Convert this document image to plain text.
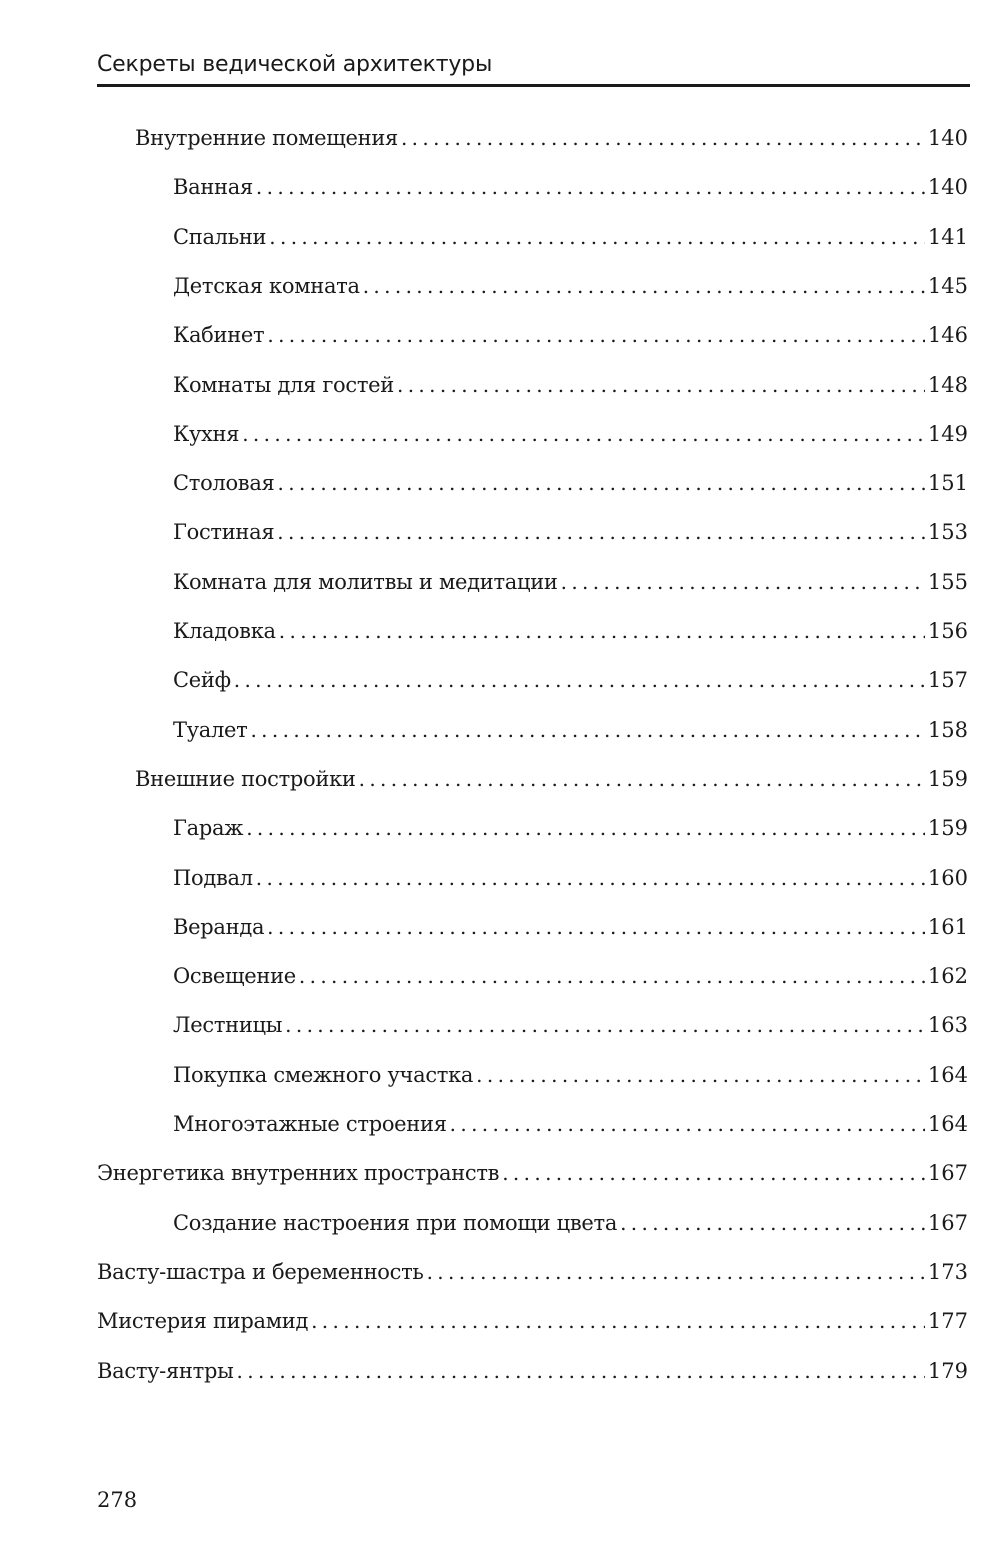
Секреты ведической архитектуры
Внутренние помещения . . .	140
Ванная . . .	140
Спальни . . .	141
Детская комната . . .	145
Кабинет . . .	146
Комнаты для гостей . . .	148
Кухня . . .	149
Столовая . . .	151
Гостиная . . .	153
Комната для молитвы и медитации . . .	155
Кладовка . . .	156
Сейф . . .	157
Туалет . . .	158
Внешние постройки . . .	159
Гараж . . .	159
Подвал . . .	160
Веранда . . .	161
Освещение . . .	162
Лестницы . . .	163
Покупка смежного участка . . .	164
Многоэтажные строения . . .	164
Энергетика внутренних пространств . . .	167
Создание настроения при помощи цвета . . .	167
Васту-шастра и беременность . . .	173
Мистерия пирамид . . .	177
Васту-янтры . . .	179
278
